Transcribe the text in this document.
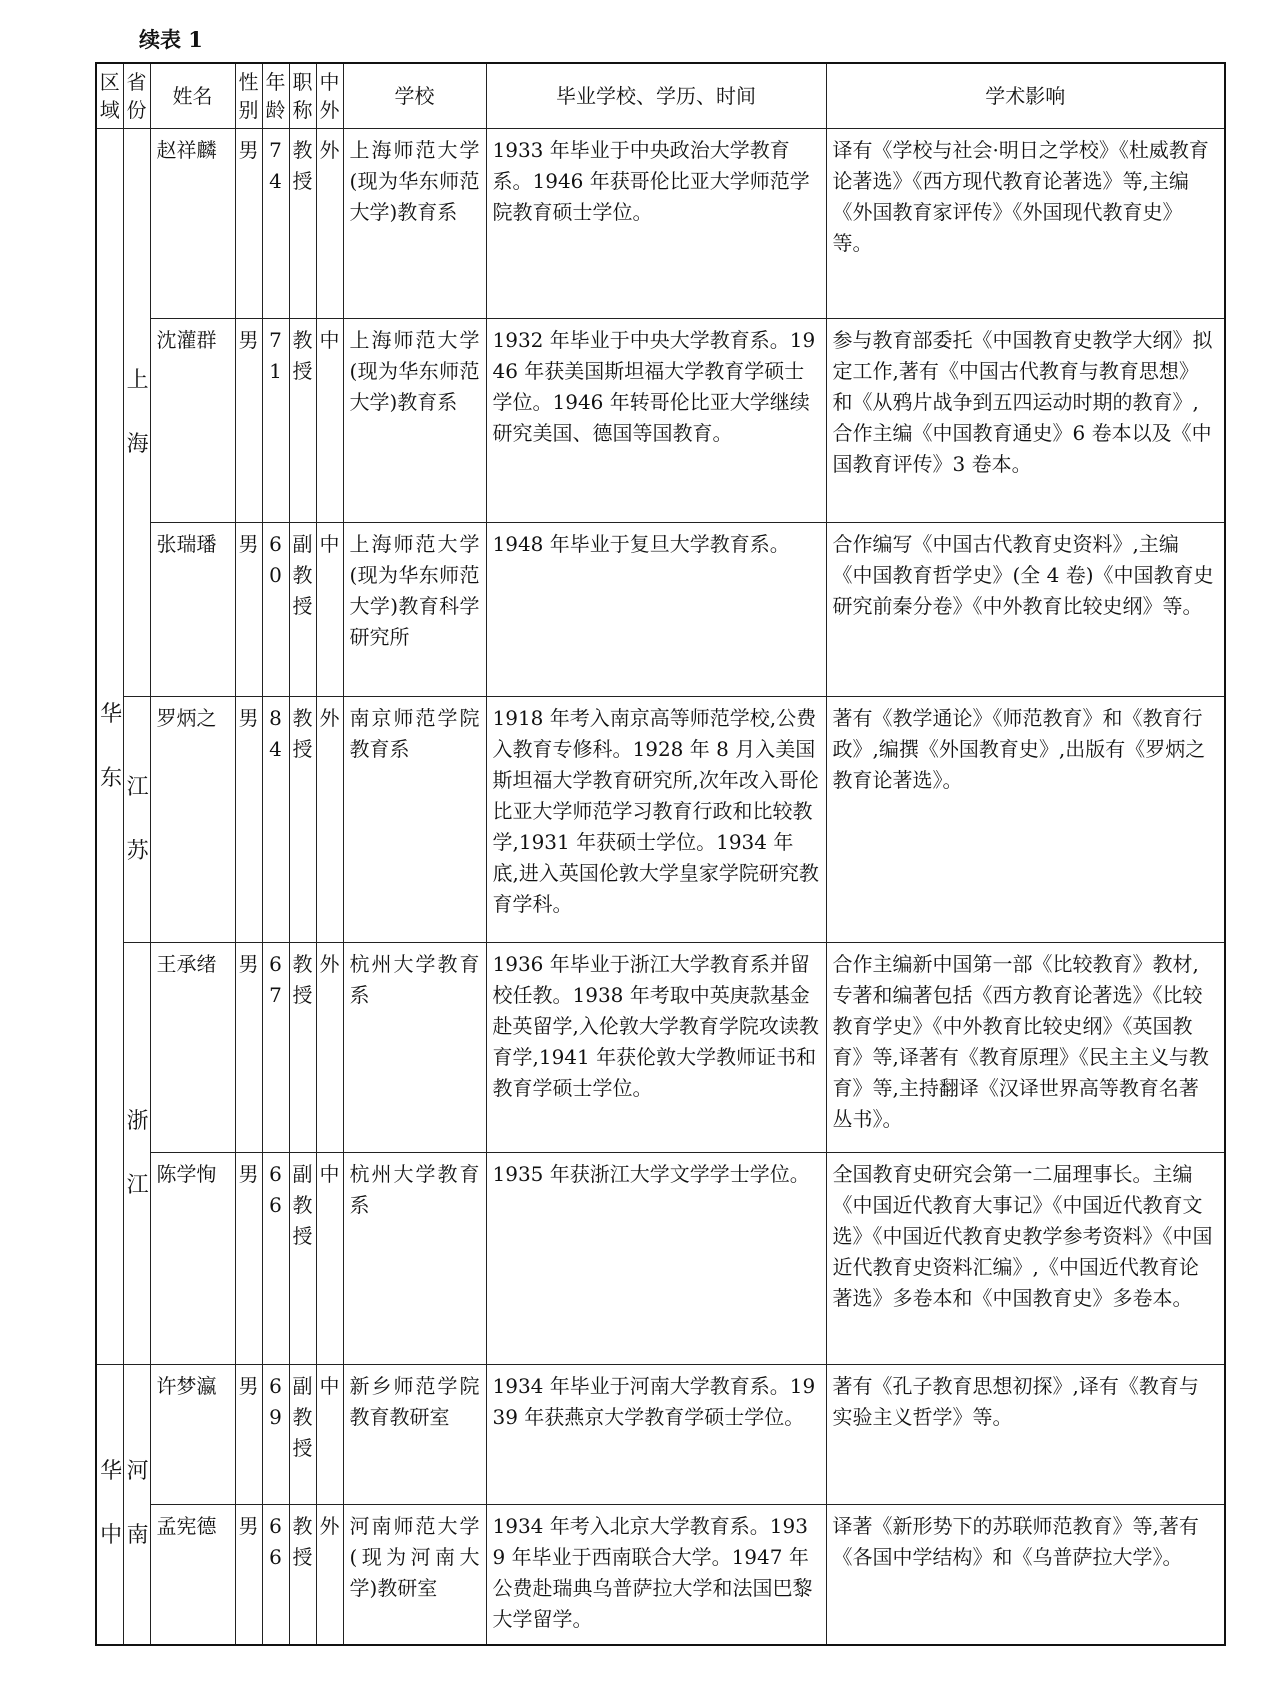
续表 1
区域	省份	姓名	性别	年龄	职称	中外	学校	毕业学校、学历、时间	学术影响
华东	上海	赵祥麟	男	74	教授	外	上海师范大学(现为华东师范大学)教育系	1933 年毕业于中央政治大学教育系。1946 年获哥伦比亚大学师范学院教育硕士学位。	译有《学校与社会·明日之学校》《杜威教育论著选》《西方现代教育论著选》等,主编《外国教育家评传》《外国现代教育史》等。
		沈灌群	男	71	教授	中	上海师范大学(现为华东师范大学)教育系	1932 年毕业于中央大学教育系。1946 年获美国斯坦福大学教育学硕士学位。1946 年转哥伦比亚大学继续研究美国、德国等国教育。	参与教育部委托《中国教育史教学大纲》拟定工作,著有《中国古代教育与教育思想》和《从鸦片战争到五四运动时期的教育》,合作主编《中国教育通史》6 卷本以及《中国教育评传》3 卷本。
		张瑞璠	男	60	副教授	中	上海师范大学(现为华东师范大学)教育科学研究所	1948 年毕业于复旦大学教育系。	合作编写《中国古代教育史资料》,主编《中国教育哲学史》(全 4 卷)《中国教育史研究前秦分卷》《中外教育比较史纲》等。
	江苏	罗炳之	男	84	教授	外	南京师范学院教育系	1918 年考入南京高等师范学校,公费入教育专修科。1928 年 8 月入美国斯坦福大学教育研究所,次年改入哥伦比亚大学师范学习教育行政和比较教学,1931 年获硕士学位。1934 年底,进入英国伦敦大学皇家学院研究教育学科。	著有《教学通论》《师范教育》和《教育行政》,编撰《外国教育史》,出版有《罗炳之教育论著选》。
	浙江	王承绪	男	67	教授	外	杭州大学教育系	1936 年毕业于浙江大学教育系并留校任教。1938 年考取中英庚款基金赴英留学,入伦敦大学教育学院攻读教育学,1941 年获伦敦大学教师证书和教育学硕士学位。	合作主编新中国第一部《比较教育》教材,专著和编著包括《西方教育论著选》《比较教育学史》《中外教育比较史纲》《英国教育》等,译著有《教育原理》《民主主义与教育》等,主持翻译《汉译世界高等教育名著丛书》。
		陈学恂	男	66	副教授	中	杭州大学教育系	1935 年获浙江大学文学学士学位。	全国教育史研究会第一二届理事长。主编《中国近代教育大事记》《中国近代教育文选》《中国近代教育史教学参考资料》《中国近代教育史资料汇编》,《中国近代教育论著选》多卷本和《中国教育史》多卷本。
华中	河南	许梦瀛	男	69	副教授	中	新乡师范学院教育教研室	1934 年毕业于河南大学教育系。1939 年获燕京大学教育学硕士学位。	著有《孔子教育思想初探》,译有《教育与实验主义哲学》等。
		孟宪德	男	66	教授	外	河南师范大学(现为河南大学)教研室	1934 年考入北京大学教育系。1939 年毕业于西南联合大学。1947 年公费赴瑞典乌普萨拉大学和法国巴黎大学留学。	译著《新形势下的苏联师范教育》等,著有《各国中学结构》和《乌普萨拉大学》。
